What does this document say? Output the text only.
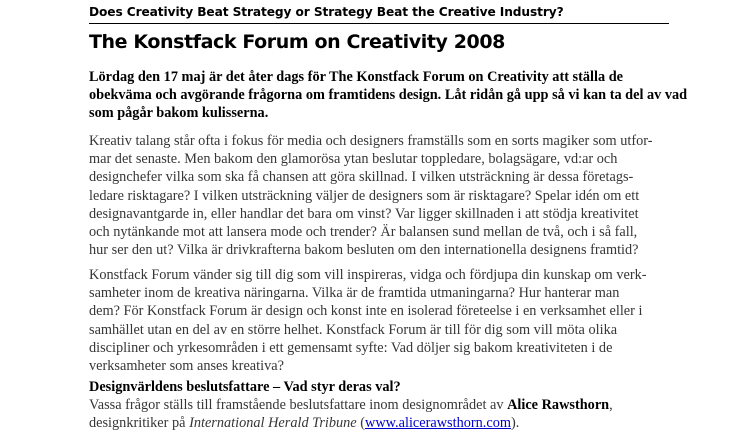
Does Creativity Beat Strategy or Strategy Beat the Creative Industry?
The Konstfack Forum on Creativity 2008
Lördag den 17 maj är det åter dags för The Konstfack Forum on Creativity att ställa de
obekväma och avgörande frågorna om framtidens design. Låt ridån gå upp så vi kan ta del av vad
som pågår bakom kulisserna.
Kreativ talang står ofta i fokus för media och designers framställs som en sorts magiker som utfor-
mar det senaste. Men bakom den glamorösa ytan beslutar toppledare, bolagsägare, vd:ar och
designchefer vilka som ska få chansen att göra skillnad. I vilken utsträckning är dessa företags-
ledare risktagare? I vilken utsträckning väljer de designers som är risktagare? Spelar idén om ett
designavantgarde in, eller handlar det bara om vinst? Var ligger skillnaden i att stödja kreativitet
och nytänkande mot att lansera mode och trender? Är balansen sund mellan de två, och i så fall,
hur ser den ut? Vilka är drivkrafterna bakom besluten om den internationella designens framtid?
Konstfack Forum vänder sig till dig som vill inspireras, vidga och fördjupa din kunskap om verk-
samheter inom de kreativa näringarna. Vilka är de framtida utmaningarna? Hur hanterar man
dem? För Konstfack Forum är design och konst inte en isolerad företeelse i en verksamhet eller i
samhället utan en del av en större helhet. Konstfack Forum är till för dig som vill möta olika
discipliner och yrkesområden i ett gemensamt syfte: Vad döljer sig bakom kreativiteten i de
verksamheter som anses kreativa?
Designvärldens beslutsfattare – Vad styr deras val?
Vassa frågor ställs till framstående beslutsfattare inom designområdet av Alice Rawsthorn,
designkritiker på International Herald Tribune (www.alicerawsthorn.com).
